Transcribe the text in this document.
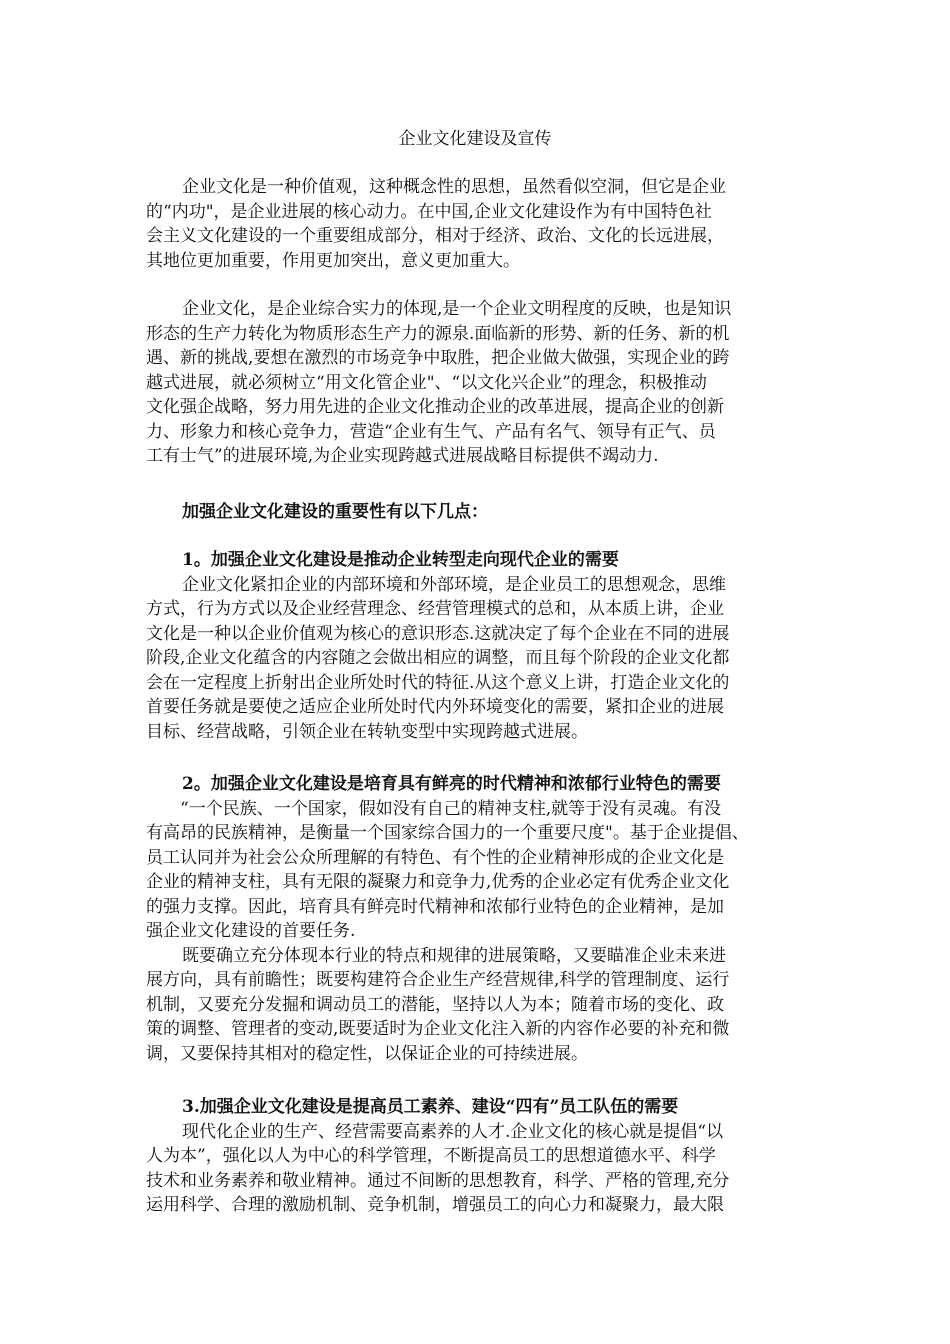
企业文化建设及宣传
企业文化是一种价值观，这种概念性的思想，虽然看似空洞，但它是企业
的“内功"，是企业进展的核心动力。在中国,企业文化建设作为有中国特色社
会主义文化建设的一个重要组成部分，相对于经济、政治、文化的长远进展，
其地位更加重要，作用更加突出，意义更加重大。
企业文化，是企业综合实力的体现,是一个企业文明程度的反映，也是知识
形态的生产力转化为物质形态生产力的源泉.面临新的形势、新的任务、新的机
遇、新的挑战,要想在激烈的市场竞争中取胜，把企业做大做强，实现企业的跨
越式进展，就必须树立“用文化管企业"、“以文化兴企业”的理念，积极推动
文化强企战略，努力用先进的企业文化推动企业的改革进展，提高企业的创新
力、形象力和核心竞争力，营造“企业有生气、产品有名气、领导有正气、员
工有士气”的进展环境,为企业实现跨越式进展战略目标提供不竭动力.
加强企业文化建设的重要性有以下几点：
1。加强企业文化建设是推动企业转型走向现代企业的需要
企业文化紧扣企业的内部环境和外部环境，是企业员工的思想观念，思维
方式，行为方式以及企业经营理念、经营管理模式的总和，从本质上讲，企业
文化是一种以企业价值观为核心的意识形态.这就决定了每个企业在不同的进展
阶段,企业文化蕴含的内容随之会做出相应的调整，而且每个阶段的企业文化都
会在一定程度上折射出企业所处时代的特征.从这个意义上讲，打造企业文化的
首要任务就是要使之适应企业所处时代内外环境变化的需要，紧扣企业的进展
目标、经营战略，引领企业在转轨变型中实现跨越式进展。
2。加强企业文化建设是培育具有鲜亮的时代精神和浓郁行业特色的需要
“一个民族、一个国家，假如没有自己的精神支柱,就等于没有灵魂。有没
有高昂的民族精神，是衡量一个国家综合国力的一个重要尺度"。基于企业提倡、
员工认同并为社会公众所理解的有特色、有个性的企业精神形成的企业文化是
企业的精神支柱，具有无限的凝聚力和竞争力,优秀的企业必定有优秀企业文化
的强力支撑。因此，培育具有鲜亮时代精神和浓郁行业特色的企业精神，是加
强企业文化建设的首要任务.
既要确立充分体现本行业的特点和规律的进展策略，又要瞄准企业未来进
展方向，具有前瞻性；既要构建符合企业生产经营规律,科学的管理制度、运行
机制，又要充分发掘和调动员工的潜能，坚持以人为本；随着市场的变化、政
策的调整、管理者的变动,既要适时为企业文化注入新的内容作必要的补充和微
调，又要保持其相对的稳定性，以保证企业的可持续进展。
3.加强企业文化建设是提高员工素养、建设“四有”员工队伍的需要
现代化企业的生产、经营需要高素养的人才.企业文化的核心就是提倡“以
人为本”，强化以人为中心的科学管理，不断提高员工的思想道德水平、科学
技术和业务素养和敬业精神。通过不间断的思想教育，科学、严格的管理,充分
运用科学、合理的激励机制、竞争机制，增强员工的向心力和凝聚力，最大限
